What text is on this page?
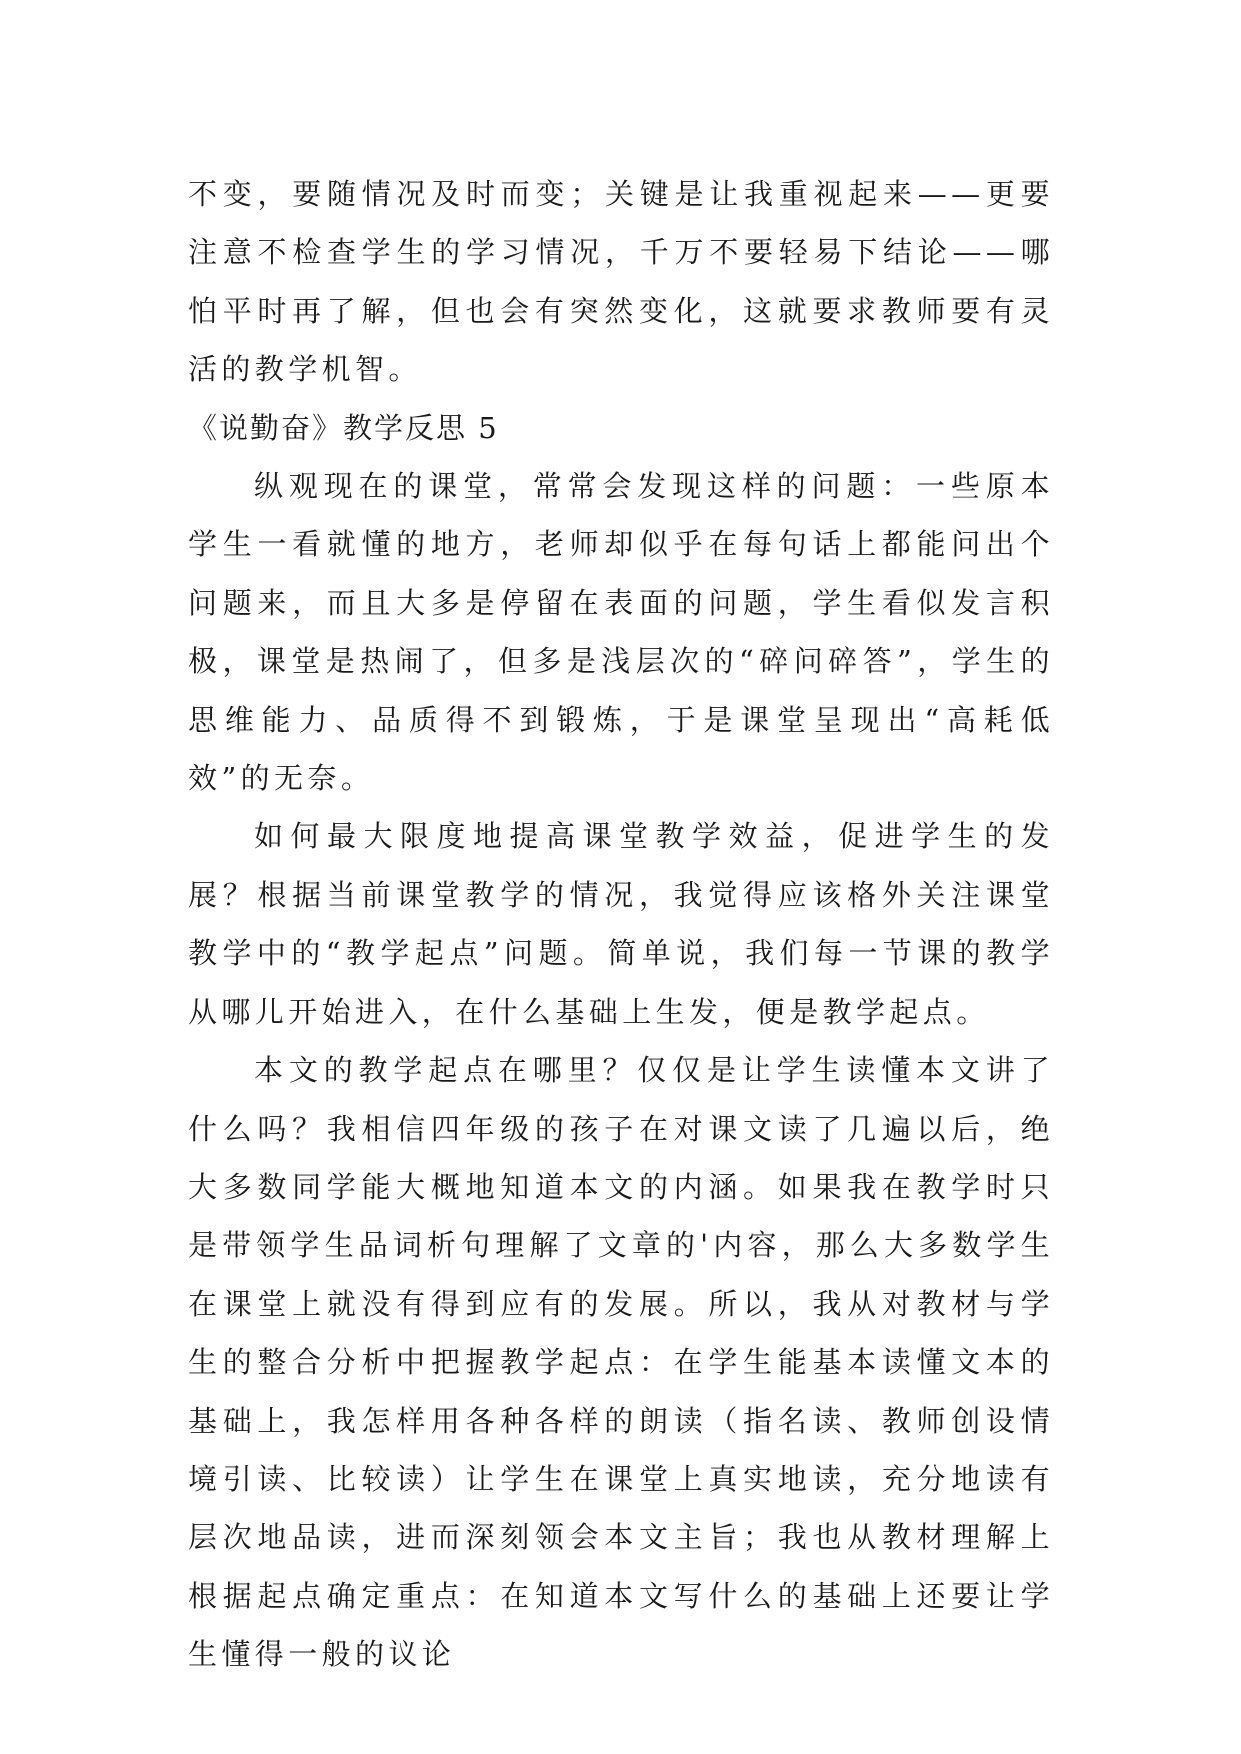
不变，要随情况及时而变；关键是让我重视起来——更要注意不检查学生的学习情况，千万不要轻易下结论——哪怕平时再了解，但也会有突然变化，这就要求教师要有灵活的教学机智。

《说勤奋》教学反思 5

纵观现在的课堂，常常会发现这样的问题：一些原本学生一看就懂的地方，老师却似乎在每句话上都能问出个问题来，而且大多是停留在表面的问题，学生看似发言积极，课堂是热闹了，但多是浅层次的“碎问碎答”，学生的思维能力、品质得不到锻炼，于是课堂呈现出“高耗低效”的无奈。

如何最大限度地提高课堂教学效益，促进学生的发展？根据当前课堂教学的情况，我觉得应该格外关注课堂教学中的“教学起点”问题。简单说，我们每一节课的教学从哪儿开始进入，在什么基础上生发，便是教学起点。

本文的教学起点在哪里？仅仅是让学生读懂本文讲了什么吗？我相信四年级的孩子在对课文读了几遍以后，绝大多数同学能大概地知道本文的内涵。如果我在教学时只是带领学生品词析句理解了文章的'内容，那么大多数学生在课堂上就没有得到应有的发展。所以，我从对教材与学生的整合分析中把握教学起点：在学生能基本读懂文本的基础上，我怎样用各种各样的朗读（指名读、教师创设情境引读、比较读）让学生在课堂上真实地读，充分地读有层次地品读，进而深刻领会本文主旨；我也从教材理解上根据起点确定重点：在知道本文写什么的基础上还要让学生懂得一般的议论
